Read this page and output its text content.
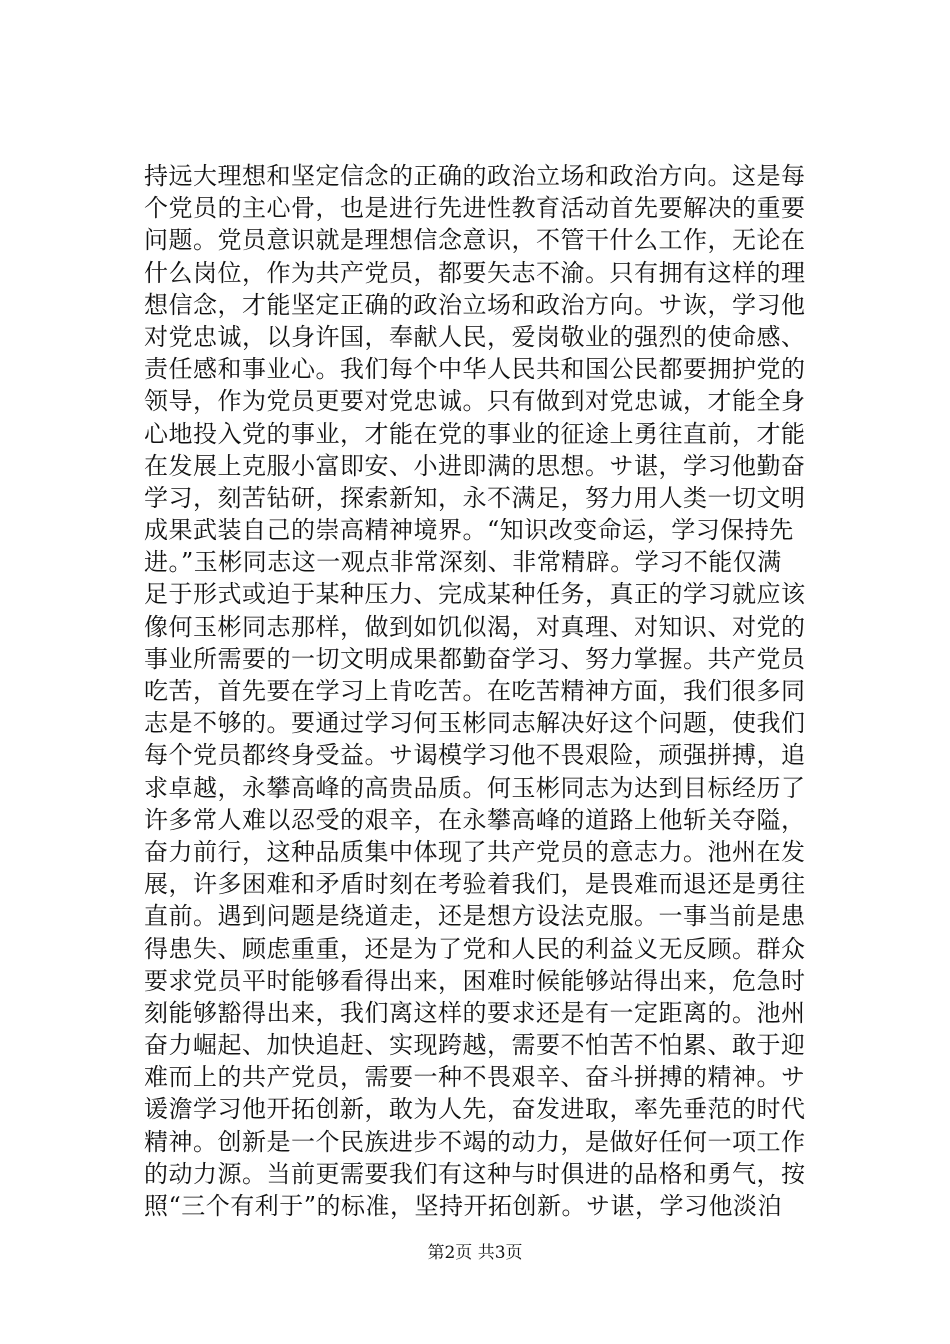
持远大理想和坚定信念的正确的政治立场和政治方向。这是每
个党员的主心骨，也是进行先进性教育活动首先要解决的重要
问题。党员意识就是理想信念意识，不管干什么工作，无论在
什么岗位，作为共产党员，都要矢志不渝。只有拥有这样的理
想信念，才能坚定正确的政治立场和政治方向。サ诙，学习他
对党忠诚，以身许国，奉献人民，爱岗敬业的强烈的使命感、
责任感和事业心。我们每个中华人民共和国公民都要拥护党的
领导，作为党员更要对党忠诚。只有做到对党忠诚，才能全身
心地投入党的事业，才能在党的事业的征途上勇往直前，才能
在发展上克服小富即安、小进即满的思想。サ谌，学习他勤奋
学习，刻苦钻研，探索新知，永不满足，努力用人类一切文明
成果武装自己的崇高精神境界。“知识改变命运，学习保持先
进。”玉彬同志这一观点非常深刻、非常精辟。学习不能仅满
足于形式或迫于某种压力、完成某种任务，真正的学习就应该
像何玉彬同志那样，做到如饥似渴，对真理、对知识、对党的
事业所需要的一切文明成果都勤奋学习、努力掌握。共产党员
吃苦，首先要在学习上肯吃苦。在吃苦精神方面，我们很多同
志是不够的。要通过学习何玉彬同志解决好这个问题，使我们
每个党员都终身受益。サ谒模学习他不畏艰险，顽强拼搏，追
求卓越，永攀高峰的高贵品质。何玉彬同志为达到目标经历了
许多常人难以忍受的艰辛，在永攀高峰的道路上他斩关夺隘，
奋力前行，这种品质集中体现了共产党员的意志力。池州在发
展，许多困难和矛盾时刻在考验着我们，是畏难而退还是勇往
直前。遇到问题是绕道走，还是想方设法克服。一事当前是患
得患失、顾虑重重，还是为了党和人民的利益义无反顾。群众
要求党员平时能够看得出来，困难时候能够站得出来，危急时
刻能够豁得出来，我们离这样的要求还是有一定距离的。池州
奋力崛起、加快追赶、实现跨越，需要不怕苦不怕累、敢于迎
难而上的共产党员，需要一种不畏艰辛、奋斗拼搏的精神。サ
谖澹学习他开拓创新，敢为人先，奋发进取，率先垂范的时代
精神。创新是一个民族进步不竭的动力，是做好任何一项工作
的动力源。当前更需要我们有这种与时俱进的品格和勇气，按
照“三个有利于”的标准，坚持开拓创新。サ谌，学习他淡泊
第2页 共3页
